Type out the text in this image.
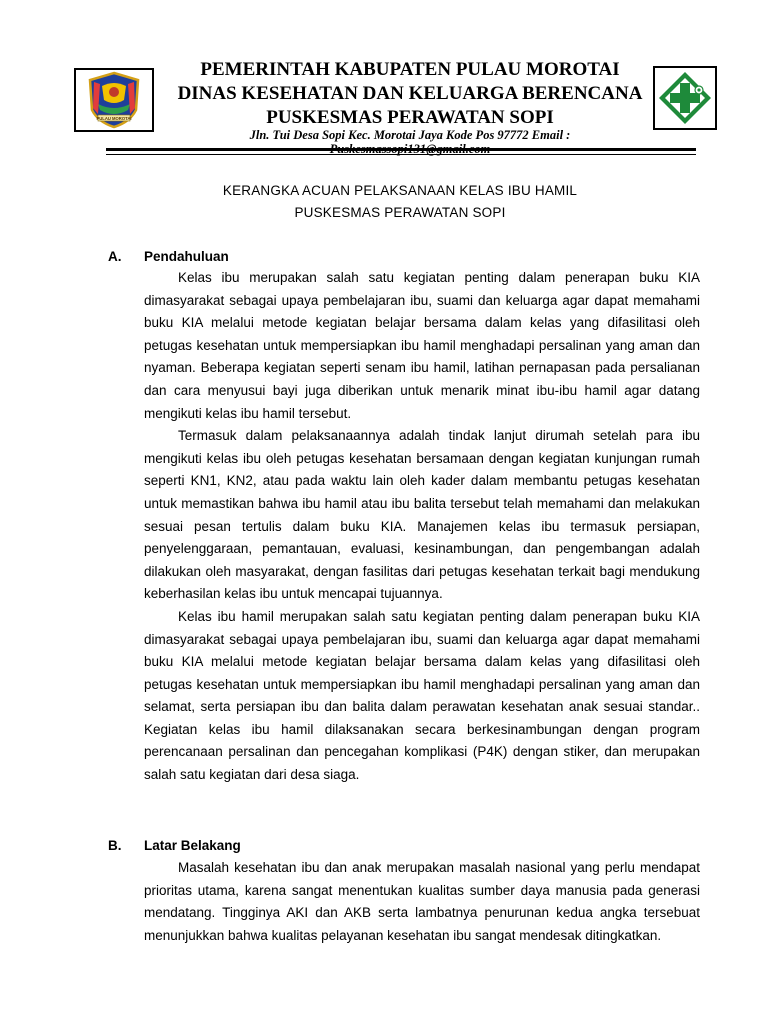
PULAU MOROTAI
PEMERINTAH KABUPATEN PULAU MOROTAI
DINAS KESEHATAN DAN KELUARGA BERENCANA
PUSKESMAS PERAWATAN SOPI
Jln. Tui Desa Sopi Kec. Morotai Jaya Kode Pos 97772 Email :
KERANGKA ACUAN PELAKSANAAN KELAS IBU HAMIL
PUSKESMAS PERAWATAN SOPI
A. Pendahuluan

Kelas ibu merupakan salah satu kegiatan penting dalam penerapan buku KIA dimasyarakat sebagai upaya pembelajaran ibu, suami dan keluarga agar dapat memahami buku KIA melalui metode kegiatan belajar bersama dalam kelas yang difasilitasi oleh petugas kesehatan untuk mempersiapkan ibu hamil menghadapi persalinan yang aman dan nyaman. Beberapa kegiatan seperti senam ibu hamil, latihan pernapasan pada persalianan dan cara menyusui bayi juga diberikan untuk menarik minat ibu-ibu hamil agar datang mengikuti kelas ibu hamil tersebut.

Termasuk dalam pelaksanaannya adalah tindak lanjut dirumah setelah para ibu mengikuti kelas ibu oleh petugas kesehatan bersamaan dengan kegiatan kunjungan rumah seperti KN1, KN2, atau pada waktu lain oleh kader dalam membantu petugas kesehatan untuk memastikan bahwa ibu hamil atau ibu balita tersebut telah memahami dan melakukan sesuai pesan tertulis dalam buku KIA. Manajemen kelas ibu termasuk persiapan, penyelenggaraan, pemantauan, evaluasi, kesinambungan, dan pengembangan adalah dilakukan oleh masyarakat, dengan fasilitas dari petugas kesehatan terkait bagi mendukung keberhasilan kelas ibu untuk mencapai tujuannya.

Kelas ibu hamil merupakan salah satu kegiatan penting dalam penerapan buku KIA dimasyarakat sebagai upaya pembelajaran ibu, suami dan keluarga agar dapat memahami buku KIA melalui metode kegiatan belajar bersama dalam kelas yang difasilitasi oleh petugas kesehatan untuk mempersiapkan ibu hamil menghadapi persalinan yang aman dan selamat, serta persiapan ibu dan balita dalam perawatan kesehatan anak sesuai standar.. Kegiatan kelas ibu hamil dilaksanakan secara berkesinambungan dengan program perencanaan persalinan dan pencegahan komplikasi (P4K) dengan stiker, dan merupakan salah satu kegiatan dari desa siaga.

B. Latar Belakang

Masalah kesehatan ibu dan anak merupakan masalah nasional yang perlu mendapat prioritas utama, karena sangat menentukan kualitas sumber daya manusia pada generasi mendatang. Tingginya AKI dan AKB serta lambatnya penurunan kedua angka tersebuat menunjukkan bahwa kualitas pelayanan kesehatan ibu sangat mendesak ditingkatkan.
